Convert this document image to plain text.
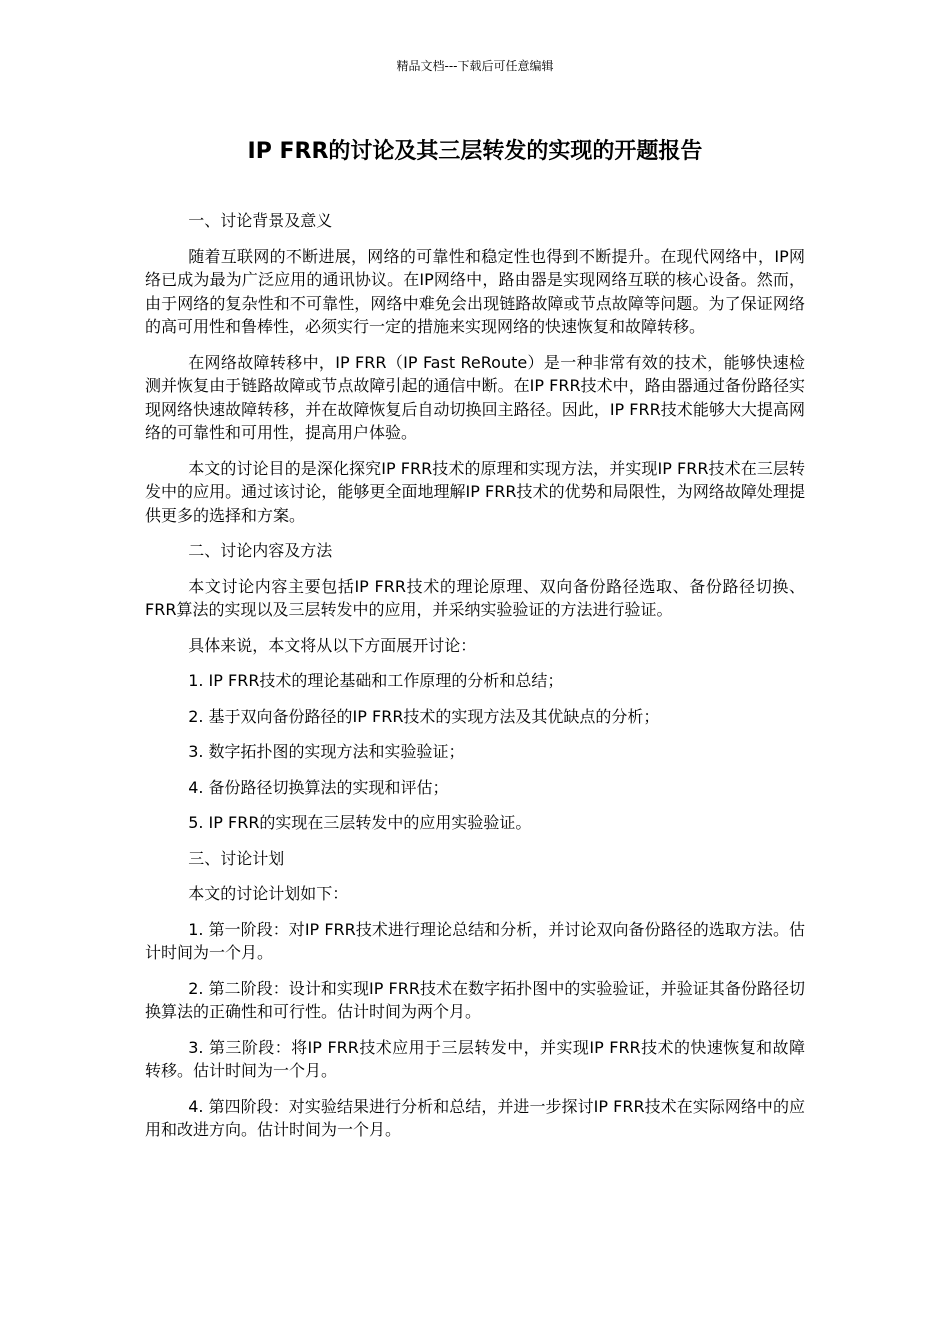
精品文档---下载后可任意编辑
IP FRR的讨论及其三层转发的实现的开题报告

一、讨论背景及意义

随着互联网的不断进展，网络的可靠性和稳定性也得到不断提升。在现代网络中，IP网络已成为最为广泛应用的通讯协议。在IP网络中，路由器是实现网络互联的核心设备。然而，由于网络的复杂性和不可靠性，网络中难免会出现链路故障或节点故障等问题。为了保证网络的高可用性和鲁棒性，必须实行一定的措施来实现网络的快速恢复和故障转移。

在网络故障转移中，IP FRR（IP Fast ReRoute）是一种非常有效的技术，能够快速检测并恢复由于链路故障或节点故障引起的通信中断。在IP FRR技术中，路由器通过备份路径实现网络快速故障转移，并在故障恢复后自动切换回主路径。因此，IP FRR技术能够大大提高网络的可靠性和可用性，提高用户体验。

本文的讨论目的是深化探究IP FRR技术的原理和实现方法，并实现IP FRR技术在三层转发中的应用。通过该讨论，能够更全面地理解IP FRR技术的优势和局限性，为网络故障处理提供更多的选择和方案。

二、讨论内容及方法

本文讨论内容主要包括IP FRR技术的理论原理、双向备份路径选取、备份路径切换、FRR算法的实现以及三层转发中的应用，并采纳实验验证的方法进行验证。

具体来说，本文将从以下方面展开讨论：

1. IP FRR技术的理论基础和工作原理的分析和总结；

2. 基于双向备份路径的IP FRR技术的实现方法及其优缺点的分析；

3. 数字拓扑图的实现方法和实验验证；

4. 备份路径切换算法的实现和评估；

5. IP FRR的实现在三层转发中的应用实验验证。

三、讨论计划

本文的讨论计划如下：

1. 第一阶段：对IP FRR技术进行理论总结和分析，并讨论双向备份路径的选取方法。估计时间为一个月。

2. 第二阶段：设计和实现IP FRR技术在数字拓扑图中的实验验证，并验证其备份路径切换算法的正确性和可行性。估计时间为两个月。

3. 第三阶段：将IP FRR技术应用于三层转发中，并实现IP FRR技术的快速恢复和故障转移。估计时间为一个月。

4. 第四阶段：对实验结果进行分析和总结，并进一步探讨IP FRR技术在实际网络中的应用和改进方向。估计时间为一个月。
